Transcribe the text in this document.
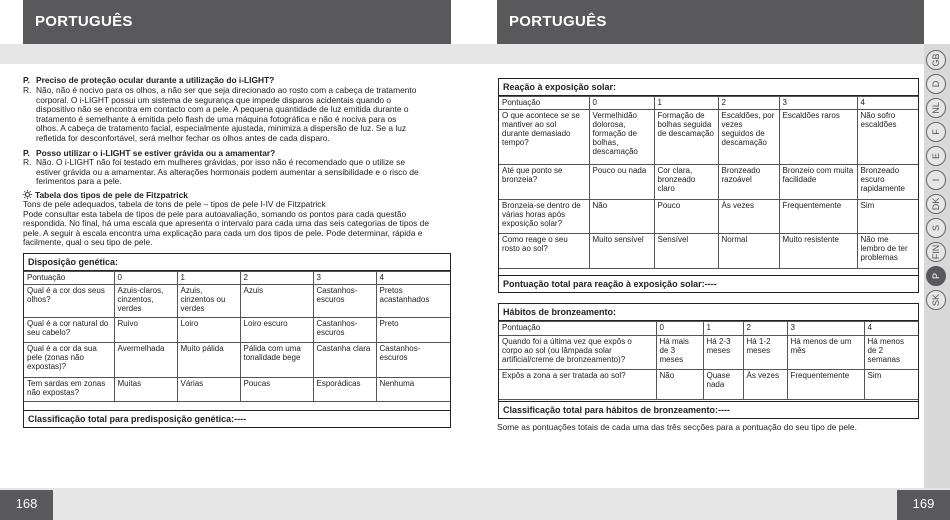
PORTUGUÊS
P. Preciso de proteção ocular durante a utilização do i-LIGHT?
R. Não, não é nocivo para os olhos, a não ser que seja direcionado ao rosto com a cabeça de tratamento
corporal. O i-LIGHT possui um sistema de segurança que impede disparos acidentais quando o
dispositivo não se encontra em contacto com a pele. A pequena quantidade de luz emitida durante o
tratamento é semelhante à emitida pelo flash de uma máquina fotográfica e não é nociva para os
olhos. A cabeça de tratamento facial, especialmente ajustada, minimiza a dispersão de luz. Se a luz
refletida for desconfortável, será melhor fechar os olhos antes de cada disparo.
P. Posso utilizar o i-LIGHT se estiver grávida ou a amamentar?
R. Não. O i-LIGHT não foi testado em mulheres grávidas, por isso não é recomendado que o utilize se
estiver grávida ou a amamentar. As alterações hormonais podem aumentar a sensibilidade e o risco de
ferimentos para a pele.
Tabela dos tipos de pele de Fitzpatrick
Tons de pele adequados, tabela de tons de pele – tipos de pele I-IV de Fitzpatrick
Pode consultar esta tabela de tipos de pele para autoavaliação, somando os pontos para cada questão
respondida. No final, há uma escala que apresenta o intervalo para cada uma das seis categorias de tipos de
pele. A seguir à escala encontra uma explicação para cada um dos tipos de pele. Pode determinar, rápida e
facilmente, qual o seu tipo de pele.
Disposição genética:
Pontuação	0	1	2	3	4
Qual é a cor dos seus olhos?	Azuis-claros, cinzentos, verdes	Azuis, cinzentos ou verdes	Azuis	Castanhos-escuros	Pretos acastanhados
Qual é a cor natural do seu cabelo?	Ruivo	Loiro	Loiro escuro	Castanhos-escuros	Preto
Qual é a cor da sua pele (zonas não expostas)?	Avermelhada	Muito pálida	Pálida com uma tonalidade bege	Castanha clara	Castanhos-escuros
Tem sardas em zonas não expostas?	Muitas	Várias	Poucas	Esporádicas	Nenhuma
Classificação total para predisposição genética:----
168
PORTUGUÊS
Reação à exposição solar:
Pontuação	0	1	2	3	4
O que acontece se se mantiver ao sol durante demasiado tempo?	Vermelhidão dolorosa, formação de bolhas, descamação	Formação de bolhas seguida de descamação	Escaldões, por vezes seguidos de descamação	Escaldões raros	Não sofro escaldões
Até que ponto se bronzeia?	Pouco ou nada	Cor clara, bronzeado claro	Bronzeado razoável	Bronzeio com muita facilidade	Bronzeado escuro rapidamente
Bronzeia-se dentro de várias horas após exposição solar?	Não	Pouco	Às vezes	Frequentemente	Sim
Como reage o seu rosto ao sol?	Muito sensível	Sensível	Normal	Muito resistente	Não me lembro de ter problemas
Pontuação total para reação à exposição solar:----
Hábitos de bronzeamento:
Pontuação	0	1	2	3	4
Quando foi a última vez que expôs o corpo ao sol (ou lâmpada solar artificial/creme de bronzeamento)?	Há mais de 3 meses	Há 2-3 meses	Há 1-2 meses	Há menos de um mês	Há menos de 2 semanas
Expôs a zona a ser tratada ao sol?	Não	Quase nada	Às vezes	Frequentemente	Sim
Classificação total para hábitos de bronzeamento:----
169
Some as pontuações totais de cada uma das três secções para a pontuação do seu tipo de pele.
GB
D
NL
F
E
I
DK
S
FIN
P
SK
